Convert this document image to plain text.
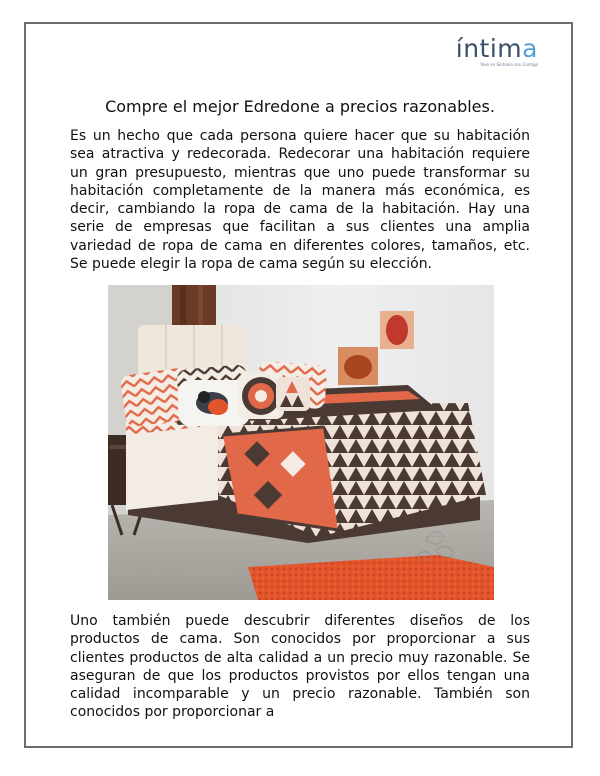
íntima
Vive en Sintonia con Contigo
Compre el mejor Edredone a precios razonables.

Es un hecho que cada persona quiere hacer que su habitación sea atractiva y redecorada. Redecorar una habitación requiere un gran presupuesto, mientras que uno puede transformar su habitación completamente de la manera más económica, es decir, cambiando la ropa de cama de la habitación. Hay una serie de empresas que facilitan a sus clientes una amplia variedad de ropa de cama en diferentes colores, tamaños, etc. Se puede elegir la ropa de cama según su elección.

Uno también puede descubrir diferentes diseños de los productos de cama. Son conocidos por proporcionar a sus clientes productos de alta calidad a un precio muy razonable. Se aseguran de que los productos provistos por ellos tengan una calidad incomparable y un precio razonable. También son conocidos por proporcionar a
